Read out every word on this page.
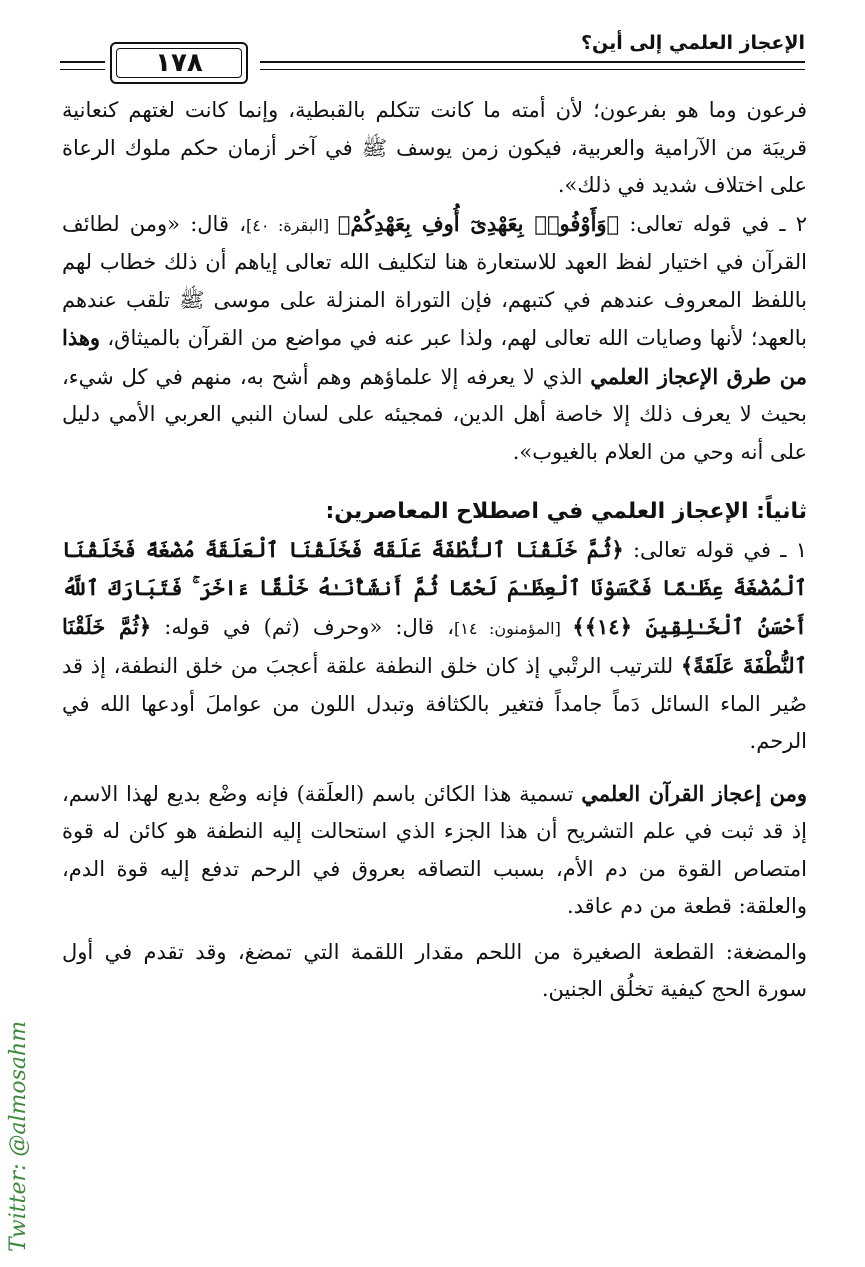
الإعجاز العلمي إلى أين؟
١٧٨

فرعون وما هو بفرعون؛ لأن أمته ما كانت تتكلم بالقبطية، وإنما كانت لغتهم كنعانية قريبَة من الآرامية والعربية، فيكون زمن يوسف ﷺ في آخر أزمان حكم ملوك الرعاة على اختلاف شديد في ذلك».

٢ ـ في قوله تعالى: ﴿وَأَوْفُوا۟ بِعَهْدِىٓ أُوفِ بِعَهْدِكُمْ﴾ [البقرة: ٤٠]، قال: «ومن لطائف القرآن في اختيار لفظ العهد للاستعارة هنا لتكليف الله تعالى إياهم أن ذلك خطاب لهم باللفظ المعروف عندهم في كتبهم، فإن التوراة المنزلة على موسى ﷺ تلقب عندهم بالعهد؛ لأنها وصايات الله تعالى لهم، ولذا عبر عنه في مواضع من القرآن بالميثاق، وهذا من طرق الإعجاز العلمي الذي لا يعرفه إلا علماؤهم وهم أشح به، منهم في كل شيء، بحيث لا يعرف ذلك إلا خاصة أهل الدين، فمجيئه على لسان النبي العربي الأمي دليل على أنه وحي من العلام بالغيوب».

ثانياً: الإعجاز العلمي في اصطلاح المعاصرين:

١ ـ في قوله تعالى: ﴿ثُمَّ خَلَقْنَا ٱلنُّطْفَةَ عَلَقَةً فَخَلَقْنَا ٱلْعَلَقَةَ مُضْغَةً فَخَلَقْنَا ٱلْمُضْغَةَ عِظَـٰمًا فَكَسَوْنَا ٱلْعِظَـٰمَ لَحْمًا ثُمَّ أَنشَأْنَـٰهُ خَلْقًا ءَاخَرَ ۚ فَتَبَارَكَ ٱللَّهُ أَحْسَنُ ٱلْخَـٰلِقِينَ ﴿١٤﴾﴾ [المؤمنون: ١٤]، قال: «وحرف (ثم) في قوله: ﴿ثُمَّ خَلَقْنَا ٱلنُّطْفَةَ عَلَقَةً﴾ للترتيب الرتْبي إذ كان خلق النطفة علقة أعجبَ من خلق النطفة، إذ قد صُير الماء السائل دَماً جامداً فتغير بالكثافة وتبدل اللون من عواملَ أودعها الله في الرحم.

ومن إعجاز القرآن العلمي تسمية هذا الكائن باسم (العلَقة) فإنه وضْع بديع لهذا الاسم، إذ قد ثبت في علم التشريح أن هذا الجزء الذي استحالت إليه النطفة هو كائن له قوة امتصاص القوة من دم الأم، بسبب التصاقه بعروق في الرحم تدفع إليه قوة الدم، والعلقة: قطعة من دم عاقد.

والمضغة: القطعة الصغيرة من اللحم مقدار اللقمة التي تمضغ، وقد تقدم في أول سورة الحج كيفية تخلُق الجنين.

Twitter: @almosahm
